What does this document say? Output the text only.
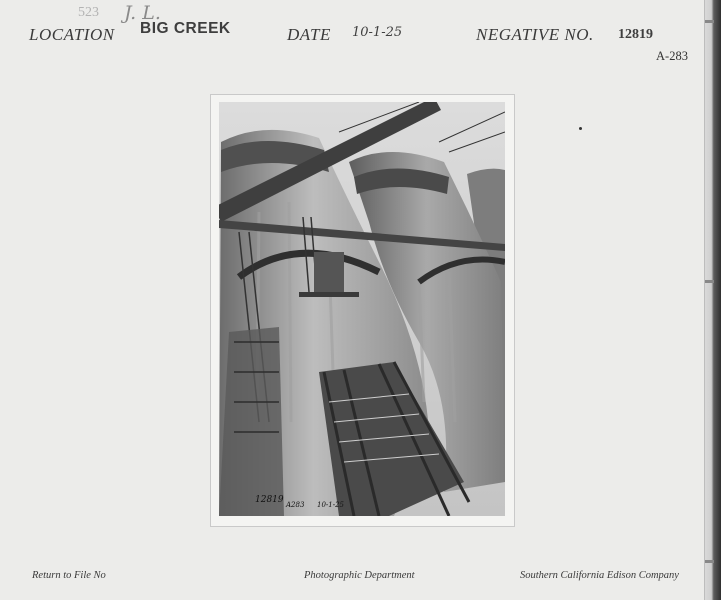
523 J. L.
LOCATION BIG CREEK	DATE 10-1-25	NEGATIVE NO. 12819
A-283
12819 A283 10-1-25
Return to File No	Photographic Department	Southern California Edison Company
